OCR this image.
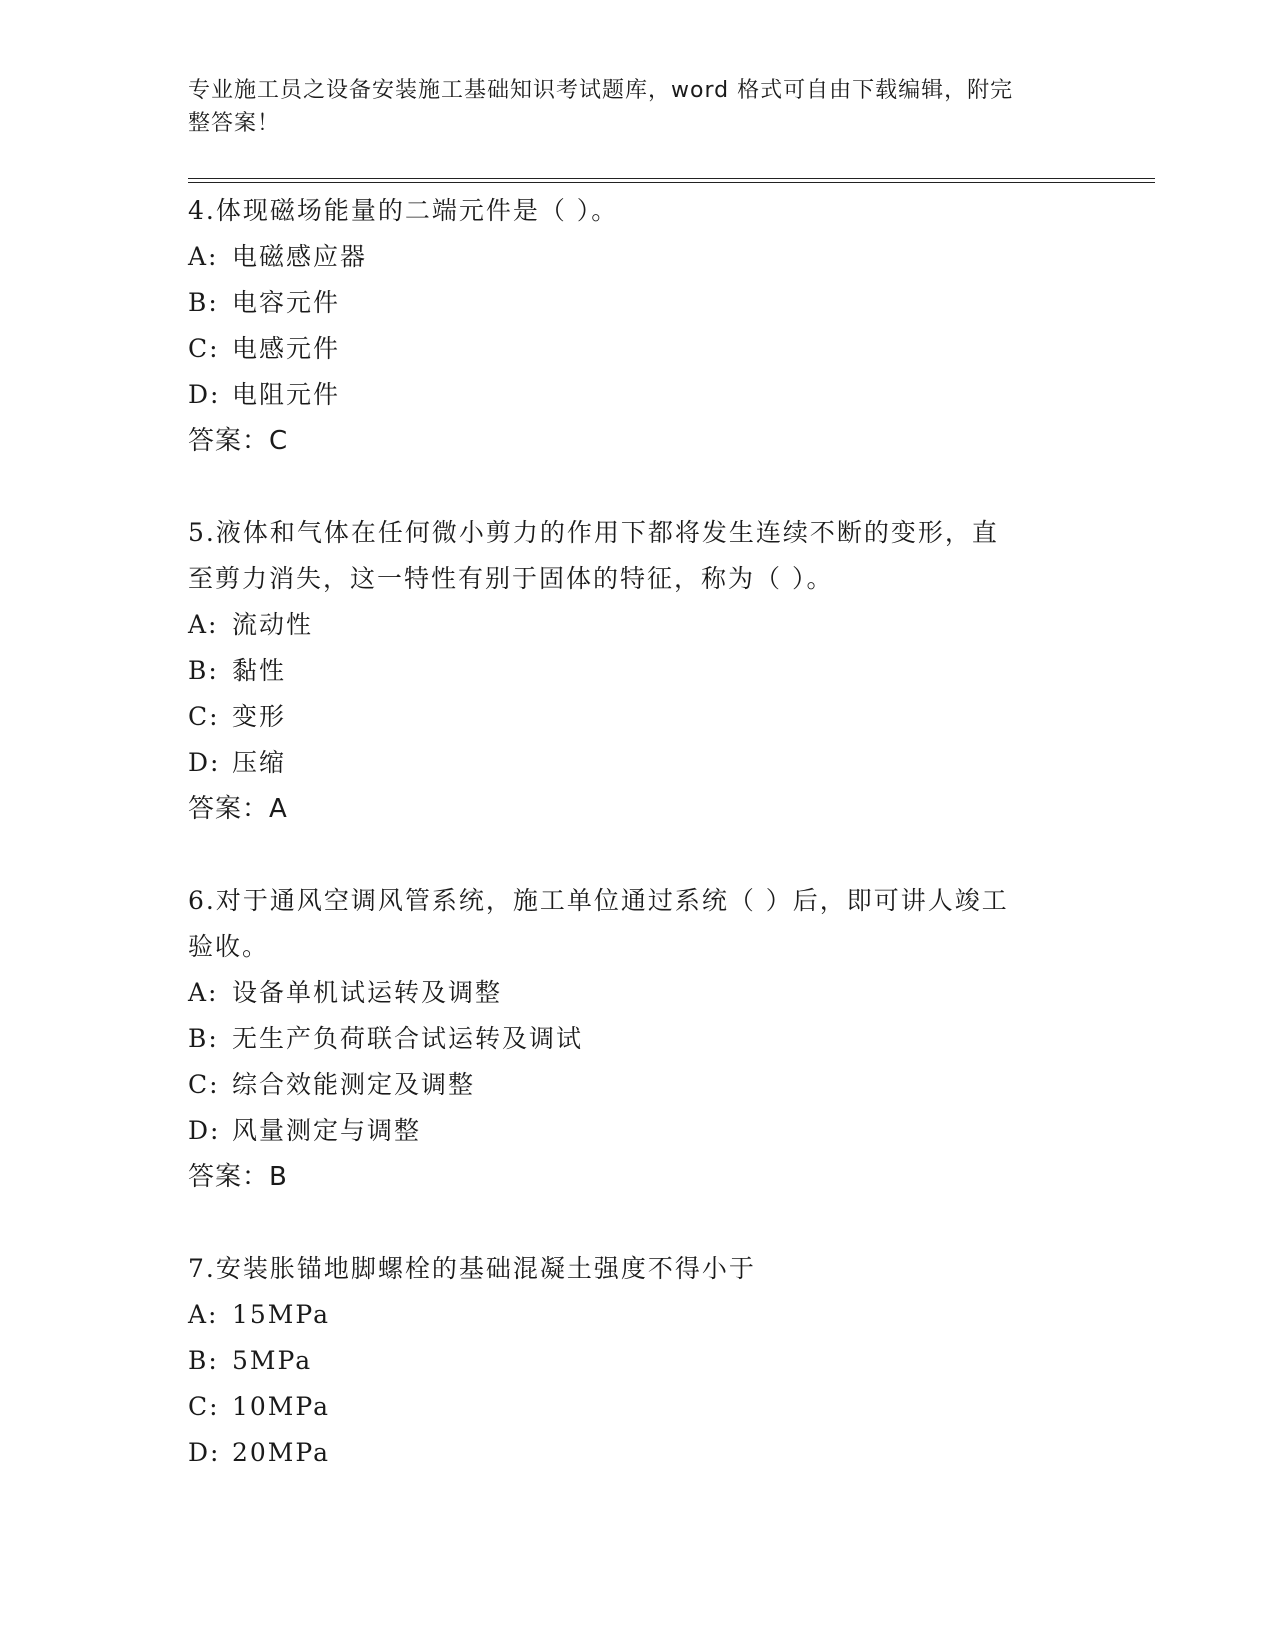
专业施工员之设备安装施工基础知识考试题库，word 格式可自由下载编辑，附完
整答案！

4.体现磁场能量的二端元件是（ ）。

A: 电磁感应器

B: 电容元件

C: 电感元件

D: 电阻元件

答案：C

5.液体和气体在任何微小剪力的作用下都将发生连续不断的变形，直

至剪力消失，这一特性有别于固体的特征，称为（ ）。

A: 流动性

B: 黏性

C: 变形

D: 压缩

答案：A

6.对于通风空调风管系统，施工单位通过系统（ ）后，即可讲人竣工

验收。

A: 设备单机试运转及调整

B: 无生产负荷联合试运转及调试

C: 综合效能测定及调整

D: 风量测定与调整

答案：B

7.安装胀锚地脚螺栓的基础混凝土强度不得小于

A: 15MPa

B: 5MPa

C: 10MPa

D: 20MPa
